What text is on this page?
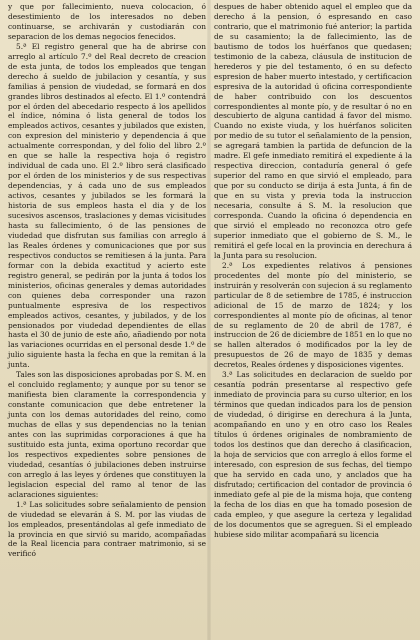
y que por fallecimiento, nueva colocacion, ó desestimiento de los interesados no deben continuarse, se archivarán y custodiarán con separacion de los demas negocios fenecidos.

5.ª El registro general que ha de abrirse con arreglo al artículo 7.º del Real decreto de creacion de esta junta, de todos los empleados que tengan derecho á sueldo de jubilacion y cesantía, y sus familias á pension de viudedad, se formará en dos grandes libros destinados al efecto. El 1.º contendrá por el órden del abecedario respecto á los apellidos el índice, nómina ó lista general de todos los empleados activos, cesantes y jubilados que existen, con expresion del ministerio y dependencia á que actualmente correspondan, y del folio del libro 2.º en que se halle la respectiva hoja ó registro individual de cada uno. El 2.º libro será clasificado por el órden de los ministerios y de sus respectivas dependencias, y á cada uno de sus empleados activos, cesantes y jubilados se les formará la historia de sus empleos hasta el dia y de los sucesivos ascensos, traslaciones y demas vicisitudes hasta su fallecimiento, ó de las pensiones de viudedad que disfrutan sus familias con arreglo á las Reales órdenes y comunicaciones que por sus respectivos conductos se remitiesen á la junta. Para formar con la debida exactitud y acierto este registro general, se pedirán por la junta á todos los ministerios, oficinas generales y demas autoridades con quienes deba corresponder una razon puntualmente espresiva de los respectivos empleados activos, cesantes, y jubilados, y de los pensionados por viudedad dependientes de ellas hasta el 30 de junio de este año, añadiendo por nota las variaciones ocurridas en el personal desde 1.º de julio siguiente hasta la fecha en que la remitan á la junta.

Tales son las disposiciones aprobadas por S. M. en el concluido reglamento; y aunque por su tenor se manifiesta bien claramente la correspondencia y constante comunicacion que debe entretener la junta con los demas autoridades del reino, como muchas de ellas y sus dependencias no la tenian antes con las suprimidas corporaciones á que ha sustituido esta junta, exima oportuno recordar que los respectivos expedientes sobre pensiones de viudedad, cesantías ó jubilaciones deben instruirse con arreglo á las leyes y órdenes que constituyen la legislacion especial del ramo al tenor de las aclaraciones siguientes:

1.ª Las solicitudes sobre señalamiento de pension de viudedad se elevarán á S. M. por las viudas de los empleados, presentándolas al gefe inmediato de la provincia en que sirvió su marido, acompañadas de la Real licencia para contraer matrimonio, si se verificó

despues de haber obtenido aquel el empleo que da derecho á la pension, ó espresando en caso contrario, que el matrimonio fué anterior; la partida de su casamiento; la de fallecimiento, las de bautismo de todos los huérfanos que quedasen; testimonio de la cabeza, cláusula de institucion de herederos y pie del testamento, ó en su defecto espresion de haber muerto intestado, y certificacion espresiva de la autoridad ú oficina correspondiente de haber contribuido con los descuentos correspondientes al monte pío, y de resultar ó no en descubierto de alguna cantidad á favor del mismo. Cuando no existe viuda, y los huérfanos soliciten por medio de su tutor el señalamiento de la pension, se agregará tambien la partida de defuncion de la madre. El gefe inmediato remitirá el expediente á la respectiva direccion, contaduría general ó gefe superior del ramo en que sirvió el empleado, para que por su conducto se dirija á esta Junta, á fin de que en su vista y previa toda la instruccion necesaria, consulte á S. M. la resolucion que corresponda. Cuando la oficina ó dependencia en que sirvió el empleado no reconozca otro gefe superior inmediato que el gobierno de S. M., le remitirá el gefe local en la provincia en derechura á la Junta para su resolucion.

2.ª Los expedientes relativos á pensiones procedentes del monte pío del ministerio, se instruirán y resolverán con sujecion á su reglamento particular de 8 de setiembre de 1785, é instruccion adicional de 15 de marzo de 1824; y los correspondientes al monte pío de oficinas, al tenor de su reglamento de 20 de abril de 1787, é instruccion de 26 de diciembre de 1851 en lo que no se hallen alterados ó modificados por la ley de presupuestos de 26 de mayo de 1835 y demas decretos, Reales órdenes y disposiciones vigentes.

3.ª Las solicitudes en declaracion de sueldo por cesantía podrán presentarse al respectivo gefe inmediato de provincia para su curso ulterior, en los términos que quedan indicados para los de pension de viudedad, ó dirigirse en derechura á la Junta, acompañando en uno y en otro caso los Reales títulos ú órdenes originales de nombramiento de todos los destinos que dan derecho á clasificacion, la hoja de servicios que con arreglo á ellos forme el interesado, con espresion de sus fechas, del tiempo que ha servido en cada uno, y anclados que ha disfrutado; certificacion del contador de provincia ó inmediato gefe al pie de la misma hoja, que conteng la fecha de los dias en que ha tomado posesion de cada empleo, y que asegure la certeza y legalidad de los documentos que se agreguen. Si el empleado hubiese sido militar acompañará su licencia
